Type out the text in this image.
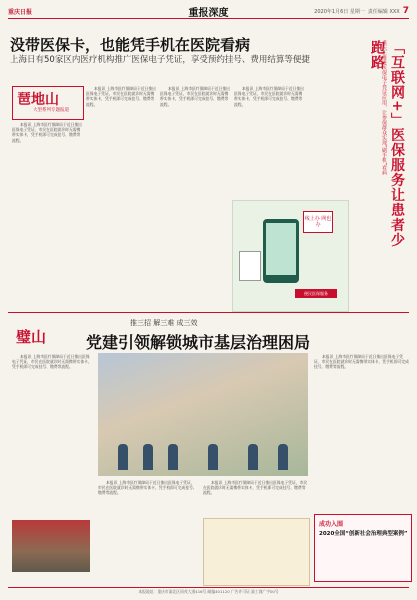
重庆日报	重报深度	2020年1月6日 星期一 责任编辑 XXX 7
没带医保卡，也能凭手机在医院看病
上海日有50家区内医疗机构推广医保电子凭证，享受预约挂号、费用结算等便捷
琶地山
大型系列专题报道

本报讯 上海市医疗保障局于近日推出医保电子凭证，市民在医院就诊时无需携带实体卡，凭手机即可完成挂号、缴费等流程。

本报讯 上海市医疗保障局于近日推出医保电子凭证，市民在医院就诊时无需携带实体卡，凭手机即可完成挂号、缴费等流程。

本报讯 上海市医疗保障局于近日推出医保电子凭证，市民在医院就诊时无需携带实体卡，凭手机即可完成挂号、缴费等流程。

本报讯 上海市医疗保障局于近日推出医保电子凭证，市民在医院就诊时无需携带实体卡，凭手机即可完成挂号、缴费等流程。

线上办 网也办
便民医保服务
「互联网+」医保服务让患者少跑路
重庆正推进医保电子凭证应用，让参保群众实现“刷手机”看病
璧山
推三招 解三难 成三效
党建引领解锁城市基层治理困局

本报讯 上海市医疗保障局于近日推出医保电子凭证，市民在医院就诊时无需携带实体卡，凭手机即可完成挂号、缴费等流程。

本报讯 上海市医疗保障局于近日推出医保电子凭证，市民在医院就诊时无需携带实体卡，凭手机即可完成挂号、缴费等流程。

本报讯 上海市医疗保障局于近日推出医保电子凭证，市民在医院就诊时无需携带实体卡，凭手机即可完成挂号、缴费等流程。

本报讯 上海市医疗保障局于近日推出医保电子凭证，市民在医院就诊时无需携带实体卡，凭手机即可完成挂号、缴费等流程。

成功入围
2020全国“创新社会治理典型案例”
本报地址：重庆市渝北区同茂大道416号 邮编401120 广告许可证 渝工商广字00号
